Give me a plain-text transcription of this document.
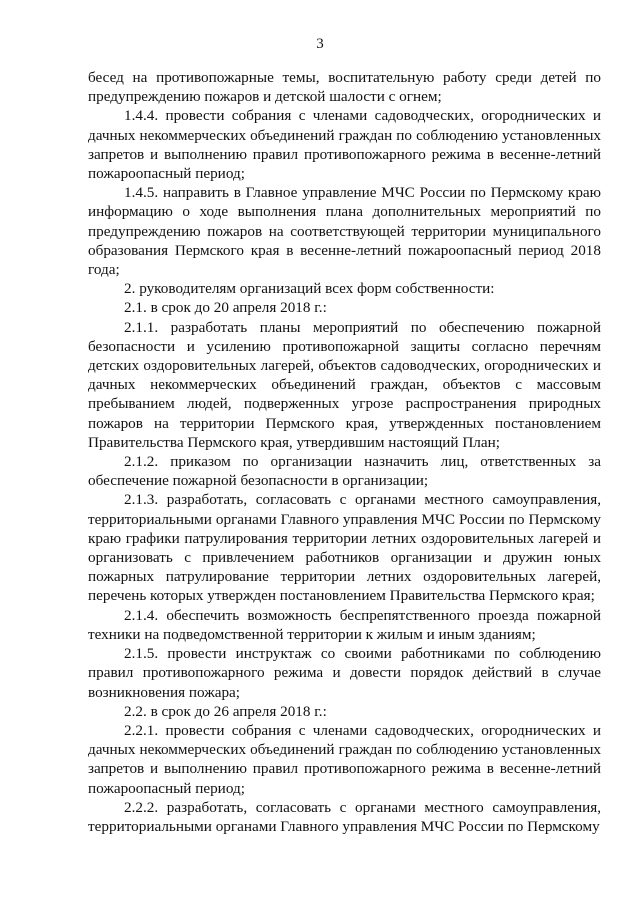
3

бесед на противопожарные темы, воспитательную работу среди детей по предупреждению пожаров и детской шалости с огнем;

1.4.4. провести собрания с членами садоводческих, огороднических и дачных некоммерческих объединений граждан по соблюдению установленных запретов и выполнению правил противопожарного режима в весенне-летний пожароопасный период;

1.4.5. направить в Главное управление МЧС России по Пермскому краю информацию о ходе выполнения плана дополнительных мероприятий по предупреждению пожаров на соответствующей территории муниципального образования Пермского края в весенне-летний пожароопасный период 2018 года;

2. руководителям организаций всех форм собственности:

2.1. в срок до 20 апреля 2018 г.:

2.1.1. разработать планы мероприятий по обеспечению пожарной безопасности и усилению противопожарной защиты согласно перечням детских оздоровительных лагерей, объектов садоводческих, огороднических и дачных некоммерческих объединений граждан, объектов с массовым пребыванием людей, подверженных угрозе распространения природных пожаров на территории Пермского края, утвержденных постановлением Правительства Пермского края, утвердившим настоящий План;

2.1.2. приказом по организации назначить лиц, ответственных за обеспечение пожарной безопасности в организации;

2.1.3. разработать, согласовать с органами местного самоуправления, территориальными органами Главного управления МЧС России по Пермскому краю графики патрулирования территории летних оздоровительных лагерей и организовать с привлечением работников организации и дружин юных пожарных патрулирование территории летних оздоровительных лагерей, перечень которых утвержден постановлением Правительства Пермского края;

2.1.4. обеспечить возможность беспрепятственного проезда пожарной техники на подведомственной территории к жилым и иным зданиям;

2.1.5. провести инструктаж со своими работниками по соблюдению правил противопожарного режима и довести порядок действий в случае возникновения пожара;

2.2. в срок до 26 апреля 2018 г.:

2.2.1. провести собрания с членами садоводческих, огороднических и дачных некоммерческих объединений граждан по соблюдению установленных запретов и выполнению правил противопожарного режима в весенне-летний пожароопасный период;

2.2.2. разработать, согласовать с органами местного самоуправления, территориальными органами Главного управления МЧС России по Пермскому
